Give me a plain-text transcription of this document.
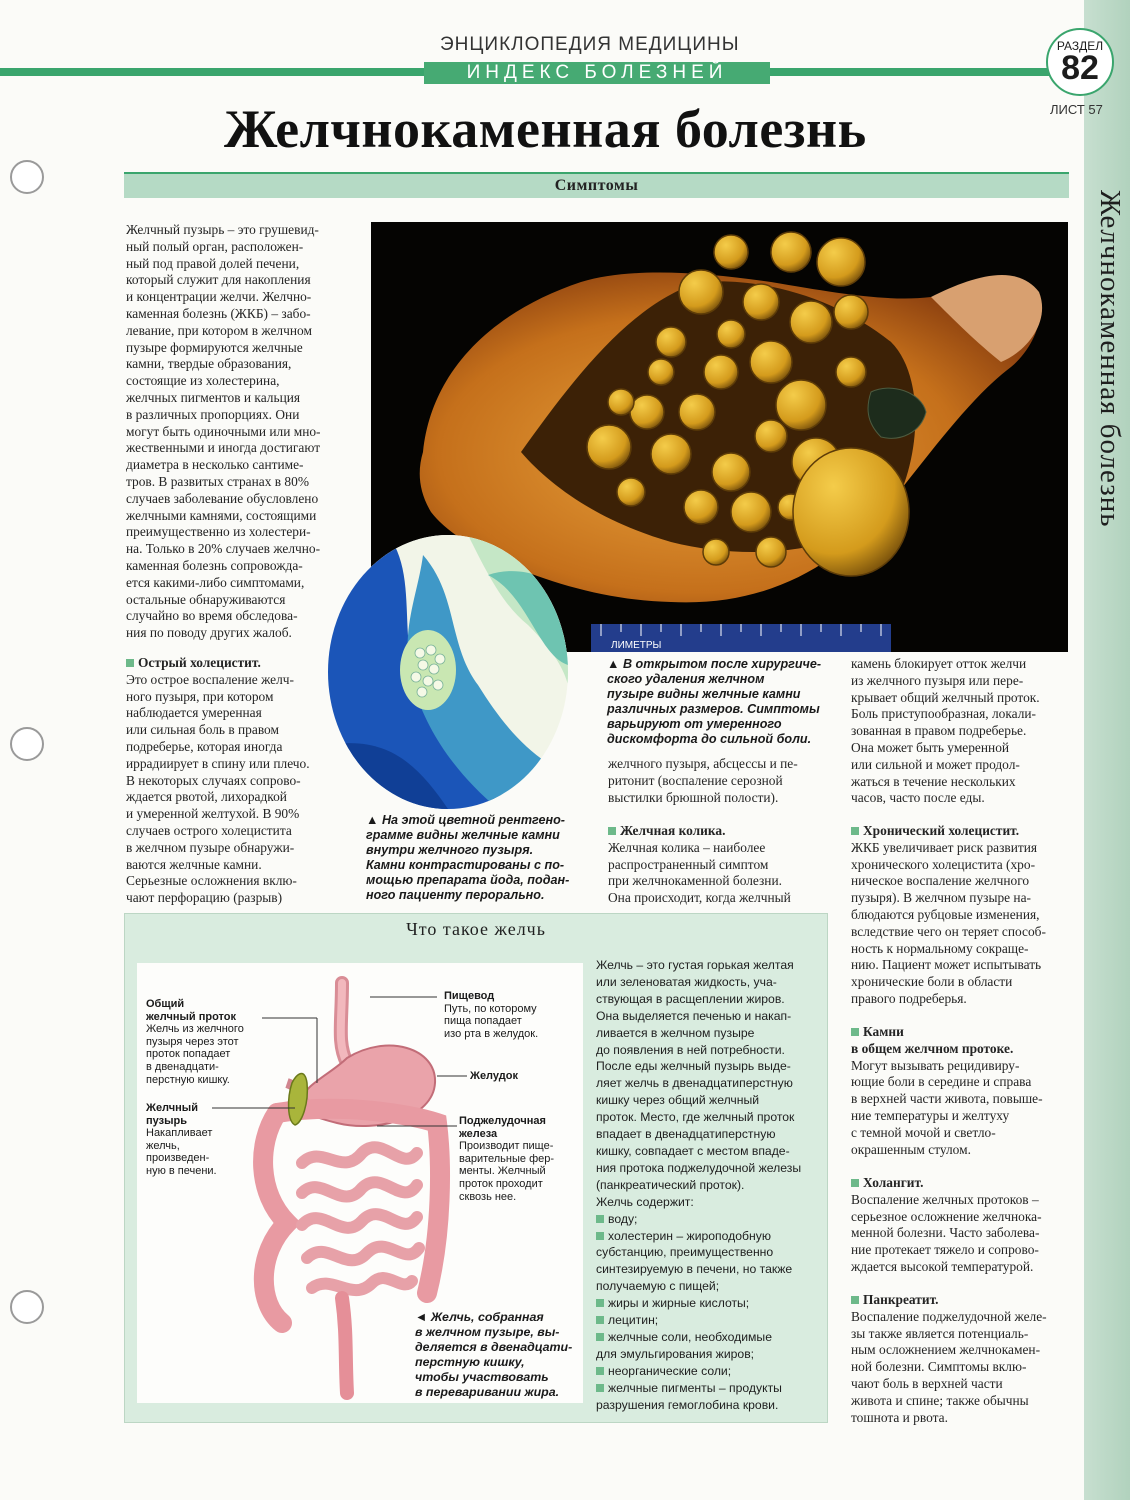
Желчнокаменная болезнь
ЭНЦИКЛОПЕДИЯ МЕДИЦИНЫ
ИНДЕКС БОЛЕЗНЕЙ
РАЗДЕЛ
82
ЛИСТ 57
Желчнокаменная болезнь
Симптомы
Желчный пузырь – это грушевид-
ный полый орган, расположен-
ный под правой долей печени,
который служит для накопления
и концентрации желчи. Желчно-
каменная болезнь (ЖКБ) – забо-
левание, при котором в желчном
пузыре формируются желчные
камни, твердые образования,
состоящие из холестерина,
желчных пигментов и кальция
в различных пропорциях. Они
могут быть одиночными или мно-
жественными и иногда достигают
диаметра в несколько сантиме-
тров. В развитых странах в 80%
случаев заболевание обусловлено
желчными камнями, состоящими
преимущественно из холестери-
на. Только в 20% случаев желчно-
каменная болезнь сопровожда-
ется какими-либо симптомами,
остальные обнаруживаются
случайно во время обследова-
ния по поводу других жалоб.

Острый холецистит.

Это острое воспаление желч-
ного пузыря, при котором
наблюдается умеренная
или сильная боль в правом
подреберье, которая иногда
иррадиирует в спину или плечо.
В некоторых случаях сопрово-
ждается рвотой, лихорадкой
и умеренной желтухой. В 90%
случаев острого холецистита
в желчном пузыре обнаружи-
ваются желчные камни.
Серьезные осложнения вклю-
чают перфорацию (разрыв)
ЛИМЕТРЫ
▲ На этой цветной рентгено-
грамме видны желчные камни
внутри желчного пузыря.
Камни контрастированы с по-
мощью препарата йода, подан-
ного пациенту перорально.
▲ В открытом после хирургиче-
ского удаления желчном
пузыре видны желчные камни
различных размеров. Симптомы
варьируют от умеренного
дискомфорта до сильной боли.
желчного пузыря, абсцессы и пе-
ритонит (воспаление серозной
выстилки брюшной полости).

Желчная колика.

Желчная колика – наиболее
распространенный симптом
при желчнокаменной болезни.
Она происходит, когда желчный
камень блокирует отток желчи
из желчного пузыря или пере-
крывает общий желчный проток.
Боль приступообразная, локали-
зованная в правом подреберье.
Она может быть умеренной
или сильной и может продол-
жаться в течение нескольких
часов, часто после еды.

Хронический холецистит.

ЖКБ увеличивает риск развития
хронического холецистита (хро-
ническое воспаление желчного
пузыря). В желчном пузыре на-
блюдаются рубцовые изменения,
вследствие чего он теряет способ-
ность к нормальному сокраще-
нию. Пациент может испытывать
хронические боли в области
правого подреберья.

Камни

в общем желчном протоке.

Могут вызывать рецидивиру-
ющие боли в середине и справа
в верхней части живота, повыше-
ние температуры и желтуху
с темной мочой и светло-
окрашенным стулом.

Холангит.

Воспаление желчных протоков –
серьезное осложнение желчнока-
менной болезни. Часто заболева-
ние протекает тяжело и сопрово-
ждается высокой температурой.

Панкреатит.

Воспаление поджелудочной желе-
зы также является потенциаль-
ным осложнением желчнокамен-
ной болезни. Симптомы вклю-
чают боль в верхней части
живота и спине; также обычны
тошнота и рвота.
Что такое желчь
Общий
желчный проток
Желчь из желчного
пузыря через этот
проток попадает
в двенадцати-
перстную кишку.
Желчный
пузырь
Накапливает
желчь,
произведен-
ную в печени.
Пищевод
Путь, по которому
пища попадает
изо рта в желудок.
Желудок
Поджелудочная
железа
Производит пище-
варительные фер-
менты. Желчный
проток проходит
сквозь нее.
◄ Желчь, собранная
в желчном пузыре, вы-
деляется в двенадцати-
перстную кишку,
чтобы участвовать
в переваривании жира.
Желчь – это густая горькая желтая
или зеленоватая жидкость, уча-
ствующая в расщеплении жиров.
Она выделяется печенью и накап-
ливается в желчном пузыре
до появления в ней потребности.
После еды желчный пузырь выде-
ляет желчь в двенадцатиперстную
кишку через общий желчный
проток. Место, где желчный проток
впадает в двенадцатиперстную
кишку, совпадает с местом впаде-
ния протока поджелудочной железы
(панкреатический проток).
Желчь содержит:
воду;
холестерин – жироподобную
субстанцию, преимущественно
синтезируемую в печени, но также
получаемую с пищей;
жиры и жирные кислоты;
лецитин;
желчные соли, необходимые
для эмульгирования жиров;
неорганические соли;
желчные пигменты – продукты
разрушения гемоглобина крови.
